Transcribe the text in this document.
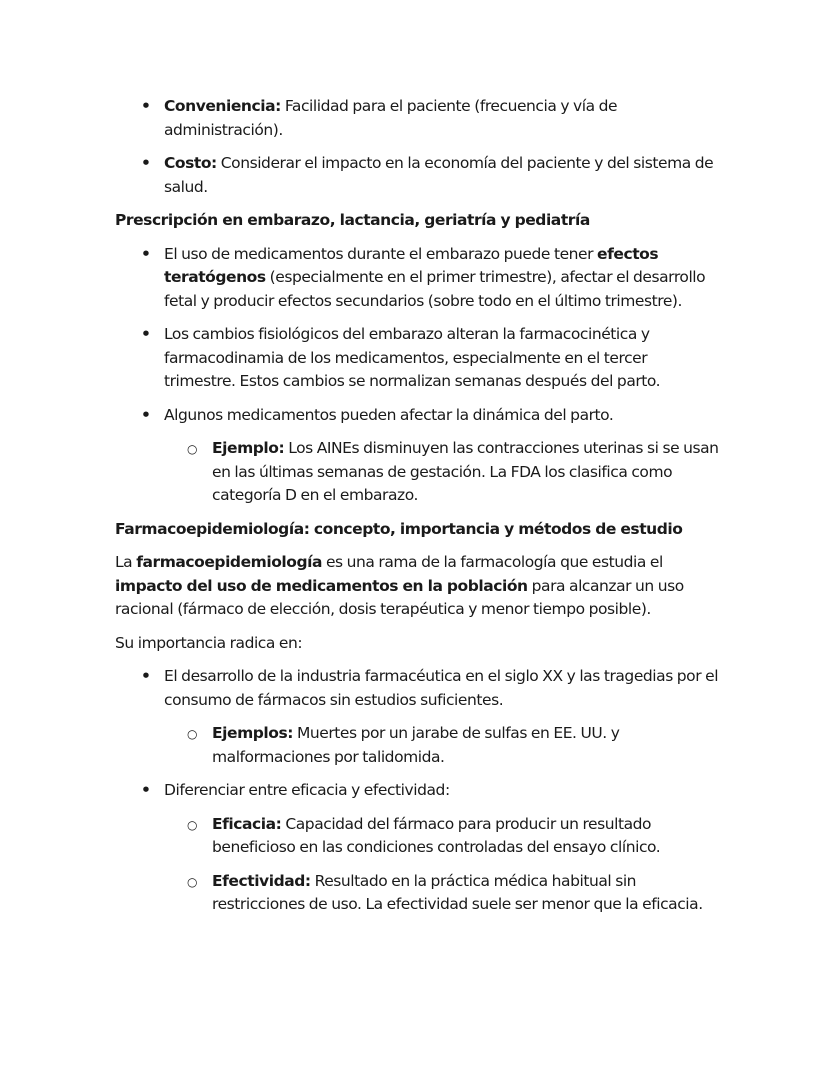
• Conveniencia: Facilidad para el paciente (frecuencia y vía de administración).
• Costo: Considerar el impacto en la economía del paciente y del sistema de salud.
Prescripción en embarazo, lactancia, geriatría y pediatría
• El uso de medicamentos durante el embarazo puede tener efectos teratógenos (especialmente en el primer trimestre), afectar el desarrollo fetal y producir efectos secundarios (sobre todo en el último trimestre).
• Los cambios fisiológicos del embarazo alteran la farmacocinética y farmacodinamia de los medicamentos, especialmente en el tercer trimestre. Estos cambios se normalizan semanas después del parto.
• Algunos medicamentos pueden afectar la dinámica del parto.
○ Ejemplo: Los AINEs disminuyen las contracciones uterinas si se usan en las últimas semanas de gestación. La FDA los clasifica como categoría D en el embarazo.
Farmacoepidemiología: concepto, importancia y métodos de estudio
La farmacoepidemiología es una rama de la farmacología que estudia el impacto del uso de medicamentos en la población para alcanzar un uso racional (fármaco de elección, dosis terapéutica y menor tiempo posible).
Su importancia radica en:
• El desarrollo de la industria farmacéutica en el siglo XX y las tragedias por el consumo de fármacos sin estudios suficientes.
○ Ejemplos: Muertes por un jarabe de sulfas en EE. UU. y malformaciones por talidomida.
• Diferenciar entre eficacia y efectividad:
○ Eficacia: Capacidad del fármaco para producir un resultado beneficioso en las condiciones controladas del ensayo clínico.
○ Efectividad: Resultado en la práctica médica habitual sin restricciones de uso. La efectividad suele ser menor que la eficacia.
